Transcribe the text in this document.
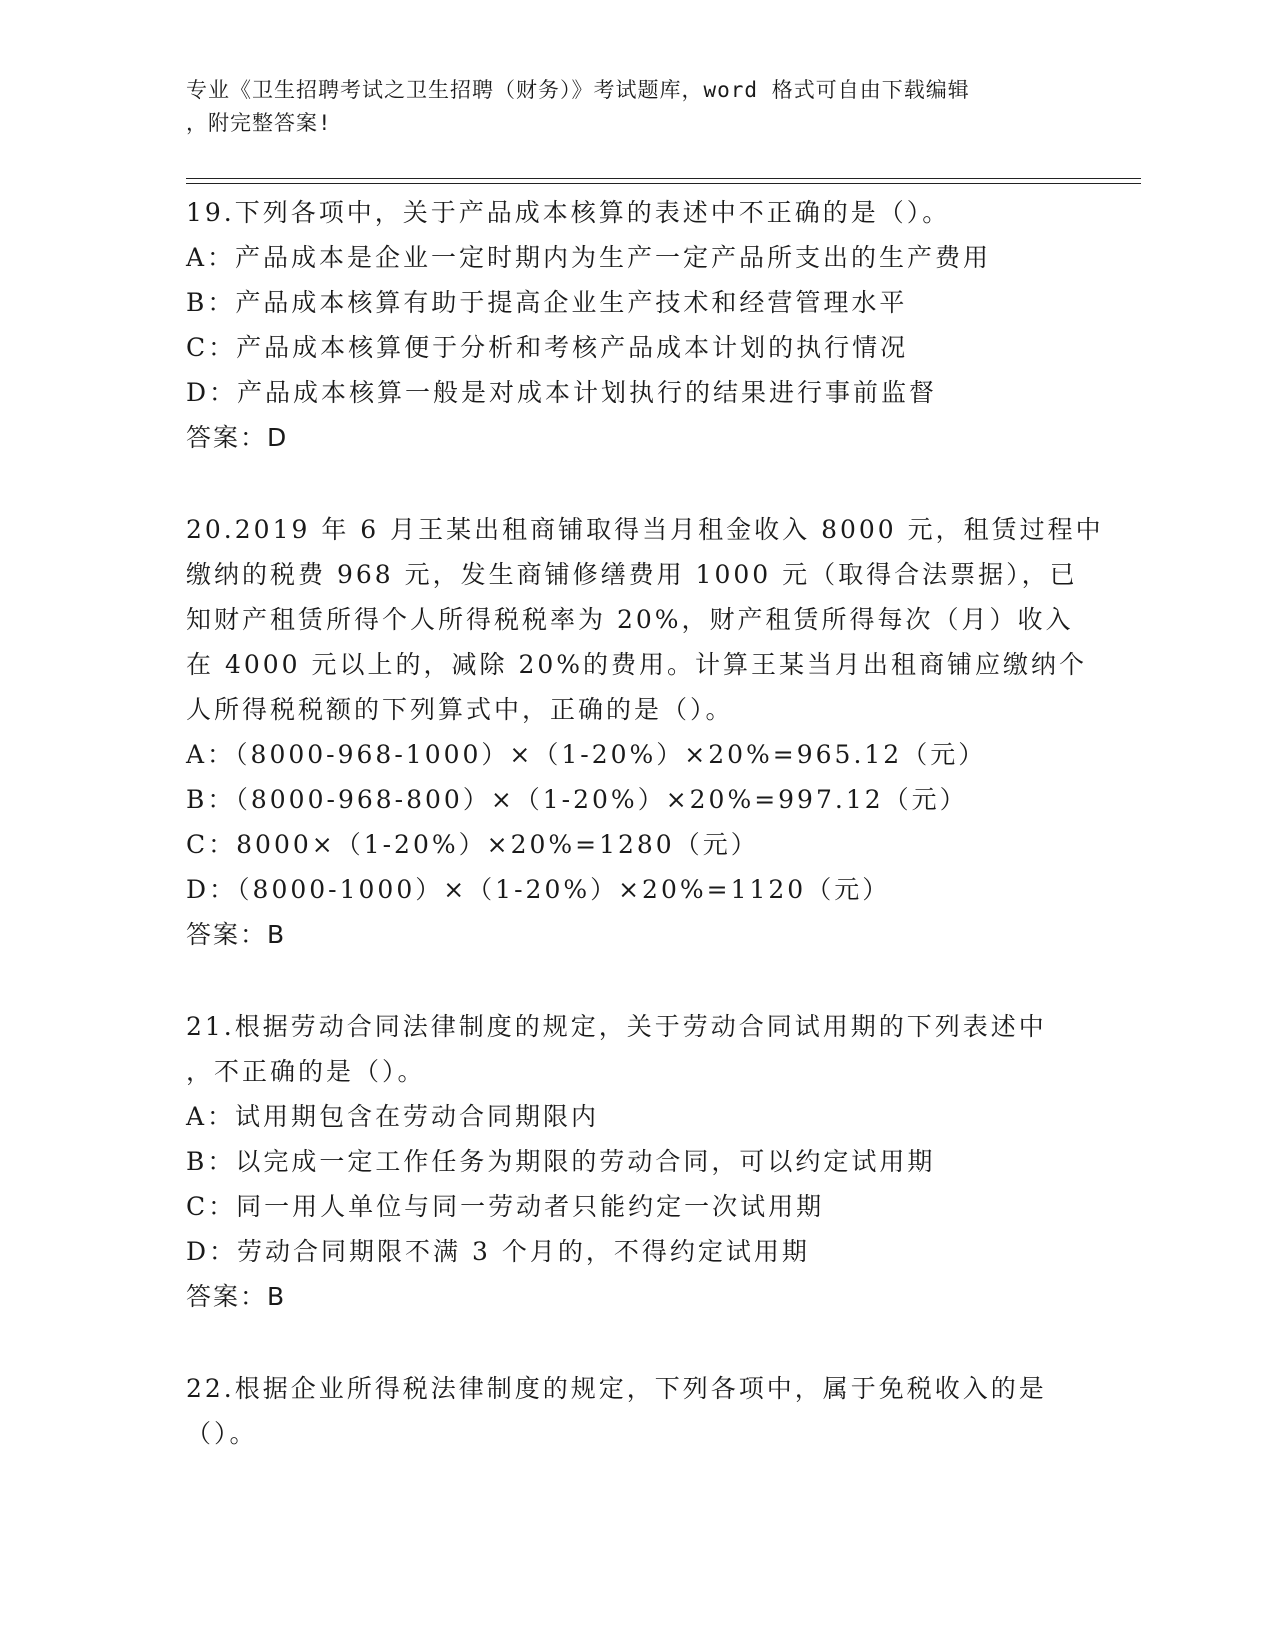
专业《卫生招聘考试之卫生招聘（财务）》考试题库，word 格式可自由下载编辑
，附完整答案!
19.下列各项中，关于产品成本核算的表述中不正确的是（）。
A：产品成本是企业一定时期内为生产一定产品所支出的生产费用
B：产品成本核算有助于提高企业生产技术和经营管理水平
C：产品成本核算便于分析和考核产品成本计划的执行情况
D：产品成本核算一般是对成本计划执行的结果进行事前监督
答案：D
20.2019 年 6 月王某出租商铺取得当月租金收入 8000 元，租赁过程中
缴纳的税费 968 元，发生商铺修缮费用 1000 元（取得合法票据），已
知财产租赁所得个人所得税税率为 20%，财产租赁所得每次（月）收入
在 4000 元以上的，减除 20%的费用。计算王某当月出租商铺应缴纳个
人所得税税额的下列算式中，正确的是（）。
A：（8000-968-1000）×（1-20%）×20%=965.12（元）
B：（8000-968-800）×（1-20%）×20%=997.12（元）
C：8000×（1-20%）×20%=1280（元）
D：（8000-1000）×（1-20%）×20%=1120（元）
答案：B
21.根据劳动合同法律制度的规定，关于劳动合同试用期的下列表述中
，不正确的是（）。
A：试用期包含在劳动合同期限内
B：以完成一定工作任务为期限的劳动合同，可以约定试用期
C：同一用人单位与同一劳动者只能约定一次试用期
D：劳动合同期限不满 3 个月的，不得约定试用期
答案：B
22.根据企业所得税法律制度的规定，下列各项中，属于免税收入的是
（）。
